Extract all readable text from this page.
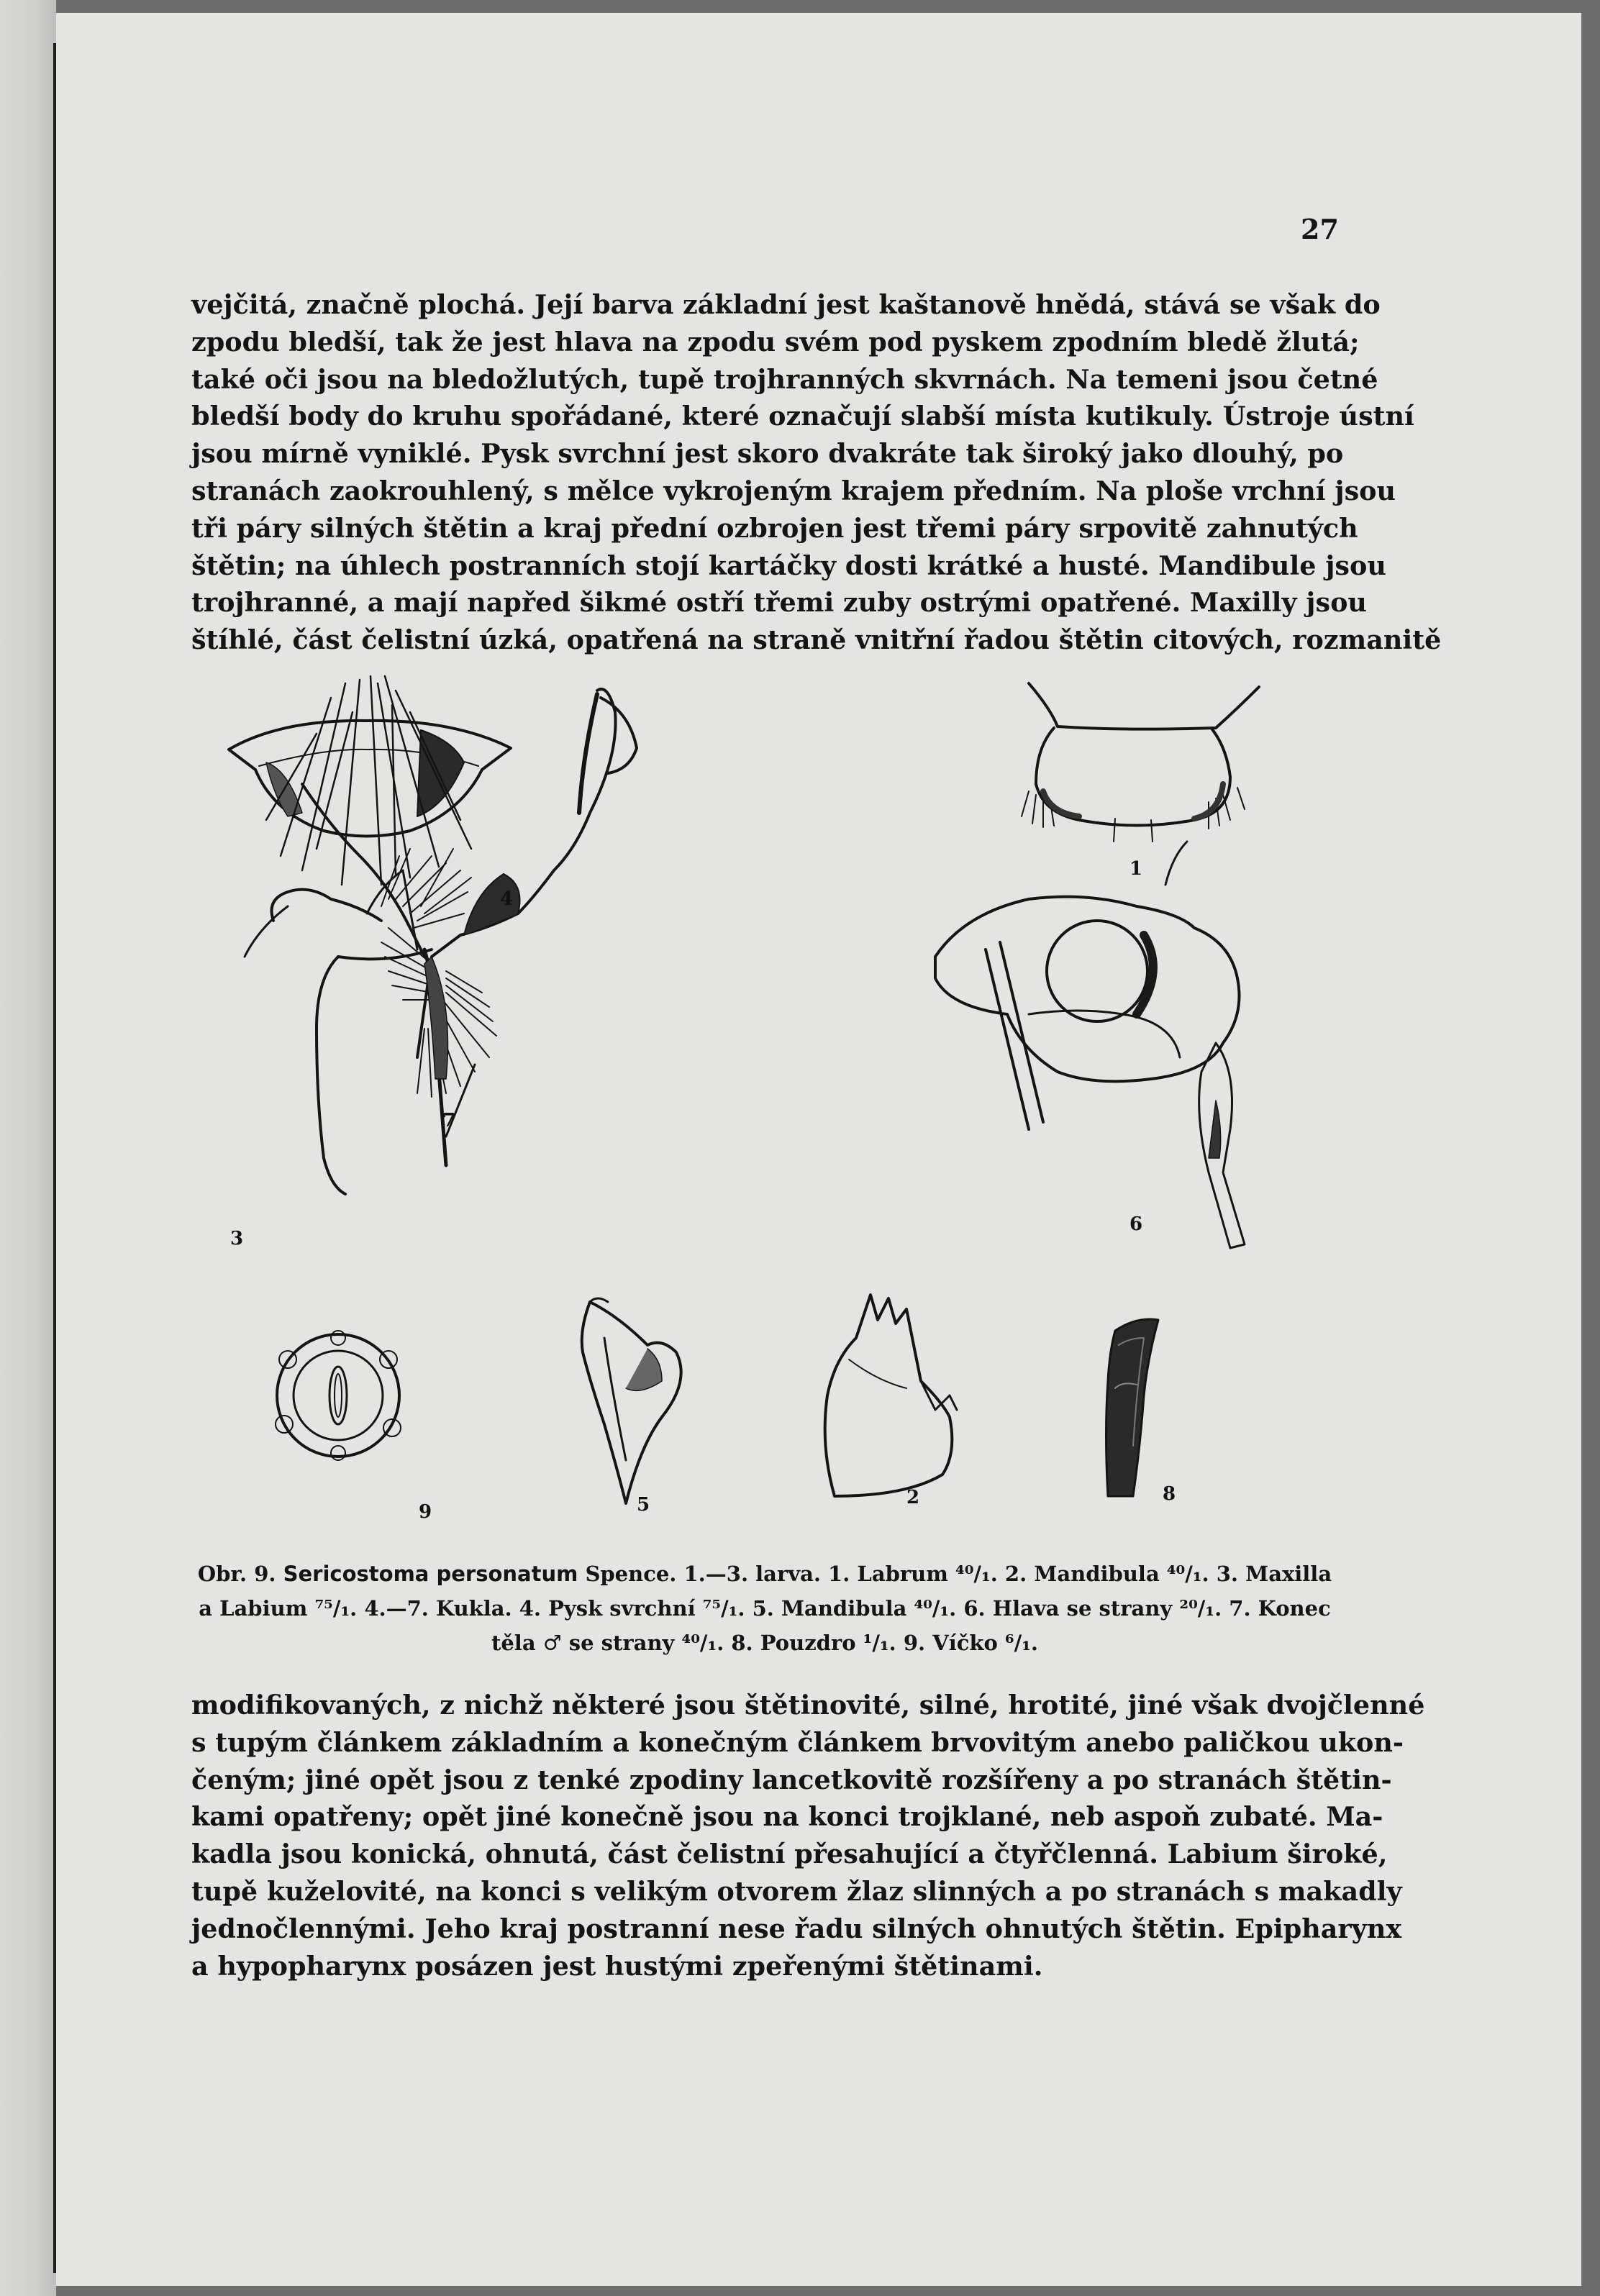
27
vejčitá, značně plochá. Její barva základní jest kaštanově hnědá, stává se však do
zpodu bledší, tak že jest hlava na zpodu svém pod pyskem zpodním bledě žlutá;
také oči jsou na bledožlutých, tupě trojhranných skvrnách. Na temeni jsou četné
bledší body do kruhu spořádané, které označují slabší místa kutikuly. Ústroje ústní
jsou mírně vyniklé. Pysk svrchní jest skoro dvakráte tak široký jako dlouhý, po
stranách zaokrouhlený, s mělce vykrojeným krajem předním. Na ploše vrchní jsou
tři páry silných štětin a kraj přední ozbrojen jest třemi páry srpovitě zahnutých
štětin; na úhlech postranních stojí kartáčky dosti krátké a husté. Mandibule jsou
trojhranné, a mají napřed šikmé ostří třemi zuby ostrými opatřené. Maxilly jsou
štíhlé, část čelistní úzká, opatřená na straně vnitřní řadou štětin citových, rozmanitě
1
2
3
4
5
6
7
8
9
Obr. 9. Sericostoma personatum Spence. 1.—3. larva. 1. Labrum ⁴⁰/₁. 2. Mandibula ⁴⁰/₁. 3. Maxilla
a Labium ⁷⁵/₁. 4.—7. Kukla. 4. Pysk svrchní ⁷⁵/₁. 5. Mandibula ⁴⁰/₁. 6. Hlava se strany ²⁰/₁. 7. Konec
těla ♂ se strany ⁴⁰/₁. 8. Pouzdro ¹/₁. 9. Víčko ⁶/₁.
modifikovaných, z nichž některé jsou štětinovité, silné, hrotité, jiné však dvojčlenné
s tupým článkem základním a konečným článkem brvovitým anebo paličkou ukon-
čeným; jiné opět jsou z tenké zpodiny lancetkovitě rozšířeny a po stranách štětin-
kami opatřeny; opět jiné konečně jsou na konci trojklané, neb aspoň zubaté. Ma-
kadla jsou konická, ohnutá, část čelistní přesahující a čtyřčlenná. Labium široké,
tupě kuželovité, na konci s velikým otvorem žlaz slinných a po stranách s makadly
jednočlennými. Jeho kraj postranní nese řadu silných ohnutých štětin. Epipharynx
a hypopharynx posázen jest hustými zpeřenými štětinami.
